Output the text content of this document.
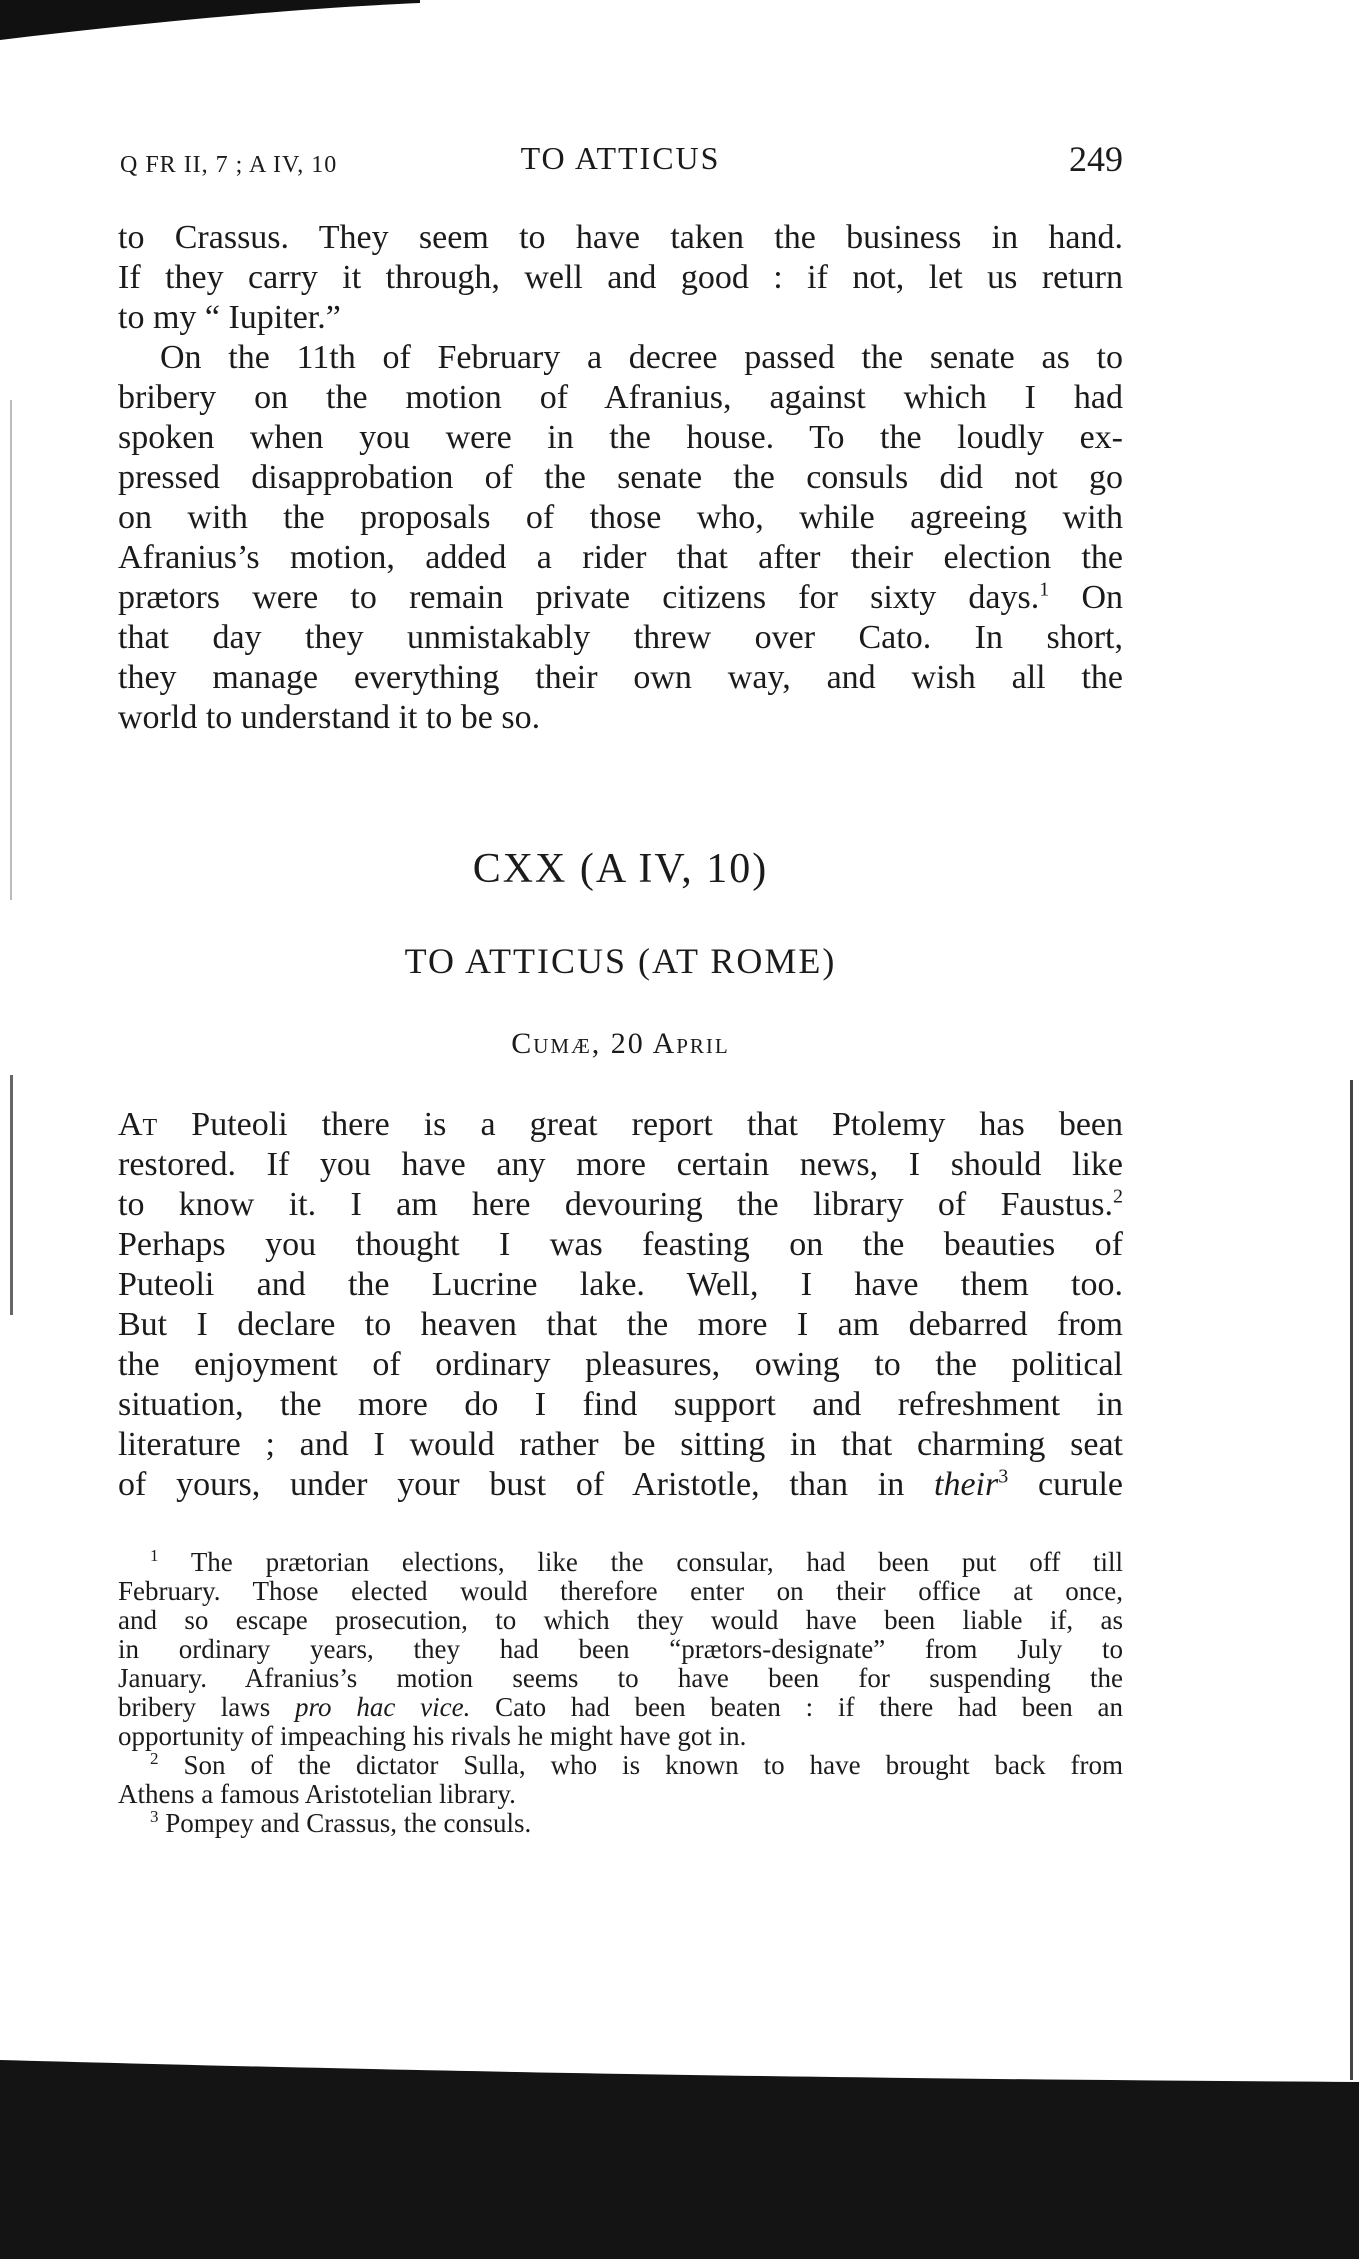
Q FR II, 7 ; A IV, 10	TO ATTICUS	249
to Crassus. They seem to have taken the business in hand.
If they carry it through, well and good : if not, let us return
to my “ Iupiter.”
On the 11th of February a decree passed the senate as to
bribery on the motion of Afranius, against which I had
spoken when you were in the house. To the loudly ex-
pressed disapprobation of the senate the consuls did not go
on with the proposals of those who, while agreeing with
Afranius’s motion, added a rider that after their election the
prætors were to remain private citizens for sixty days.$^1$ On
that day they unmistakably threw over Cato. In short,
they manage everything their own way, and wish all the
world to understand it to be so.
CXX (A IV, 10)
TO ATTICUS (AT ROME)
Cumæ, 20 April
At Puteoli there is a great report that Ptolemy has been
restored. If you have any more certain news, I should like
to know it. I am here devouring the library of Faustus.$^2$
Perhaps you thought I was feasting on the beauties of
Puteoli and the Lucrine lake. Well, I have them too.
But I declare to heaven that the more I am debarred from
the enjoyment of ordinary pleasures, owing to the political
situation, the more do I find support and refreshment in
literature ; and I would rather be sitting in that charming seat
of yours, under your bust of Aristotle, than in their$^3$ curule
$^1$ The prætorian elections, like the consular, had been put off till
February. Those elected would therefore enter on their office at once,
and so escape prosecution, to which they would have been liable if, as
in ordinary years, they had been “prætors-designate” from July to
January. Afranius’s motion seems to have been for suspending the
bribery laws pro hac vice. Cato had been beaten : if there had been an
opportunity of impeaching his rivals he might have got in.
$^2$ Son of the dictator Sulla, who is known to have brought back from
Athens a famous Aristotelian library.
$^3$ Pompey and Crassus, the consuls.
